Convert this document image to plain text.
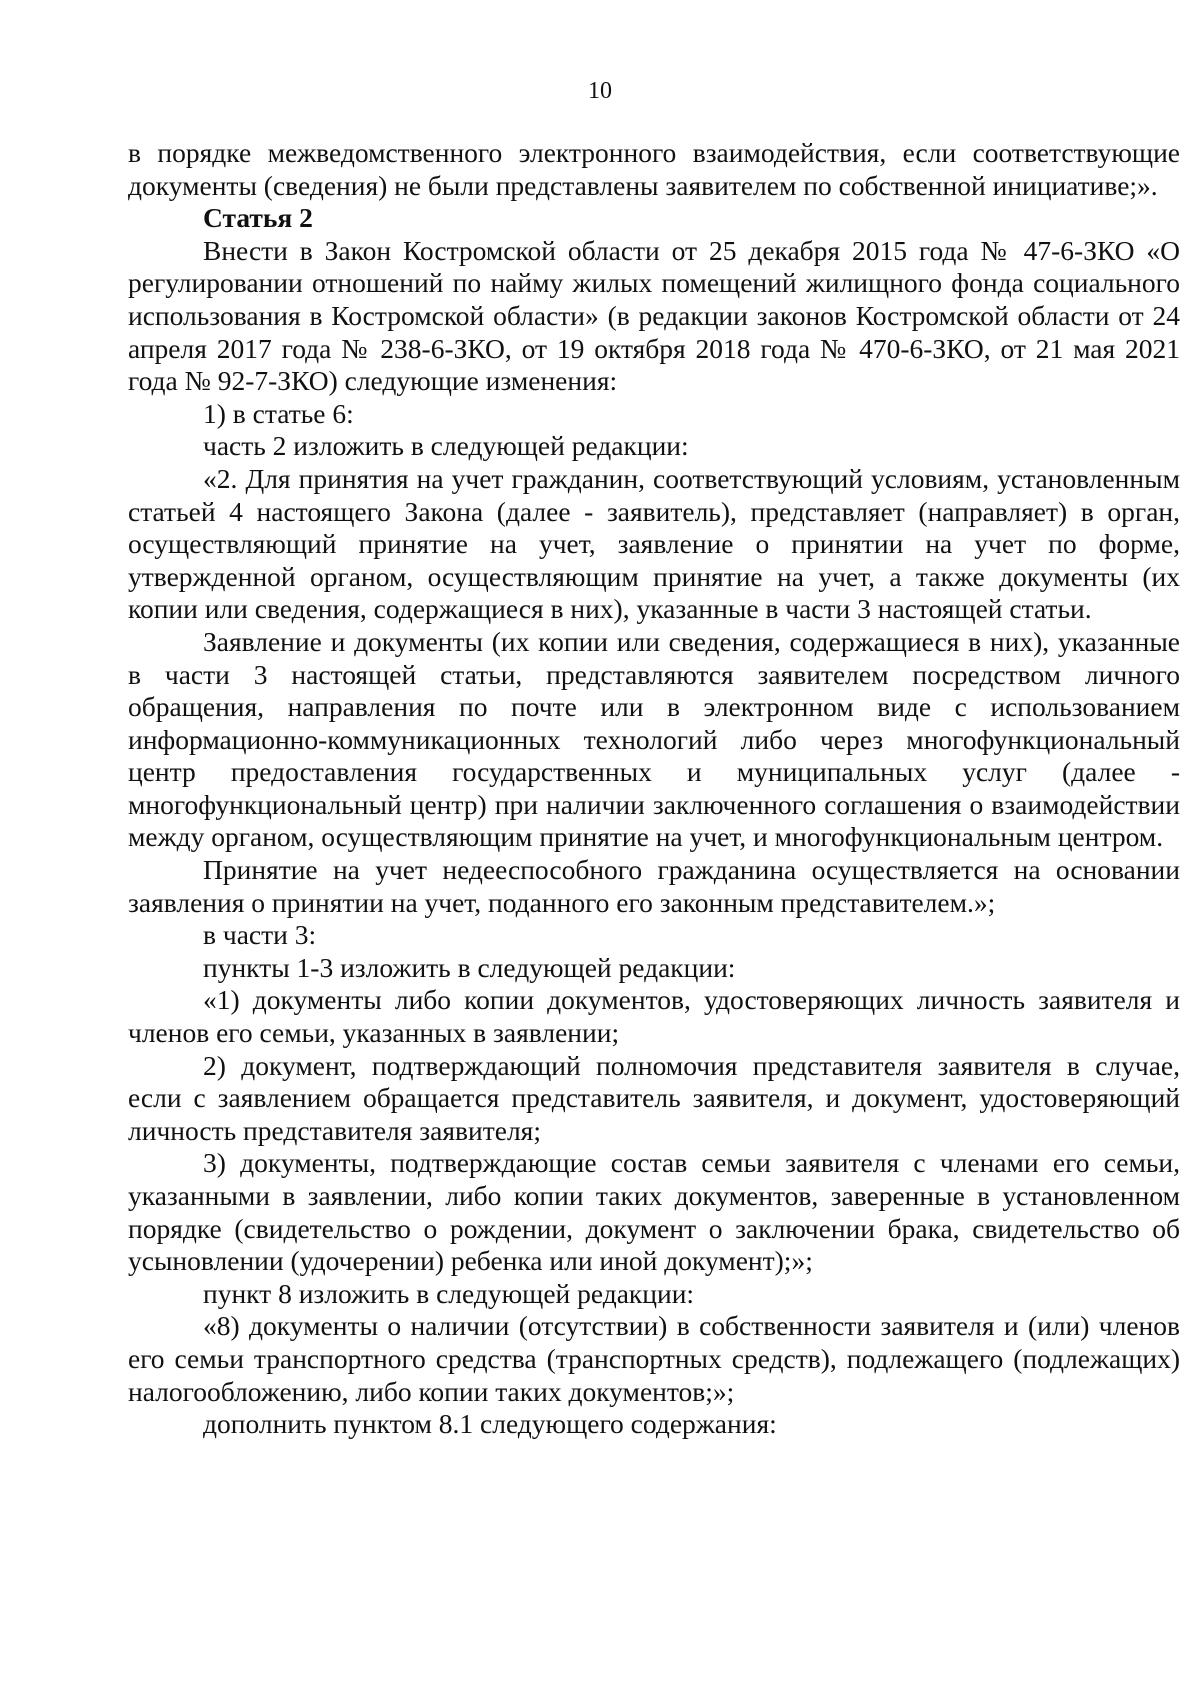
10

в порядке межведомственного электронного взаимодействия, если соответствующие документы (сведения) не были представлены заявителем по собственной инициативе;».

Статья 2

Внести в Закон Костромской области от 25 декабря 2015 года № 47-6-ЗКО «О регулировании отношений по найму жилых помещений жилищного фонда социального использования в Костромской области» (в редакции законов Костромской области от 24 апреля 2017 года № 238-6-ЗКО, от 19 октября 2018 года № 470-6-ЗКО, от 21 мая 2021 года № 92-7-ЗКО) следующие изменения:

1) в статье 6:

часть 2 изложить в следующей редакции:

«2. Для принятия на учет гражданин, соответствующий условиям, установленным статьей 4 настоящего Закона (далее - заявитель), представляет (направляет) в орган, осуществляющий принятие на учет, заявление о принятии на учет по форме, утвержденной органом, осуществляющим принятие на учет, а также документы (их копии или сведения, содержащиеся в них), указанные в части 3 настоящей статьи.

Заявление и документы (их копии или сведения, содержащиеся в них), указанные в части 3 настоящей статьи, представляются заявителем посредством личного обращения, направления по почте или в электронном виде с использованием информационно-коммуникационных технологий либо через многофункциональный центр предоставления государственных и муниципальных услуг (далее - многофункциональный центр) при наличии заключенного соглашения о взаимодействии между органом, осуществляющим принятие на учет, и многофункциональным центром.

Принятие на учет недееспособного гражданина осуществляется на основании заявления о принятии на учет, поданного его законным представителем.»;

в части 3:

пункты 1-3 изложить в следующей редакции:

«1) документы либо копии документов, удостоверяющих личность заявителя и членов его семьи, указанных в заявлении;

2) документ, подтверждающий полномочия представителя заявителя в случае, если с заявлением обращается представитель заявителя, и документ, удостоверяющий личность представителя заявителя;

3) документы, подтверждающие состав семьи заявителя с членами его семьи, указанными в заявлении, либо копии таких документов, заверенные в установленном порядке (свидетельство о рождении, документ о заключении брака, свидетельство об усыновлении (удочерении) ребенка или иной документ);»;

пункт 8 изложить в следующей редакции:

«8) документы о наличии (отсутствии) в собственности заявителя и (или) членов его семьи транспортного средства (транспортных средств), подлежащего (подлежащих) налогообложению, либо копии таких документов;»;

дополнить пунктом 8.1 следующего содержания:
